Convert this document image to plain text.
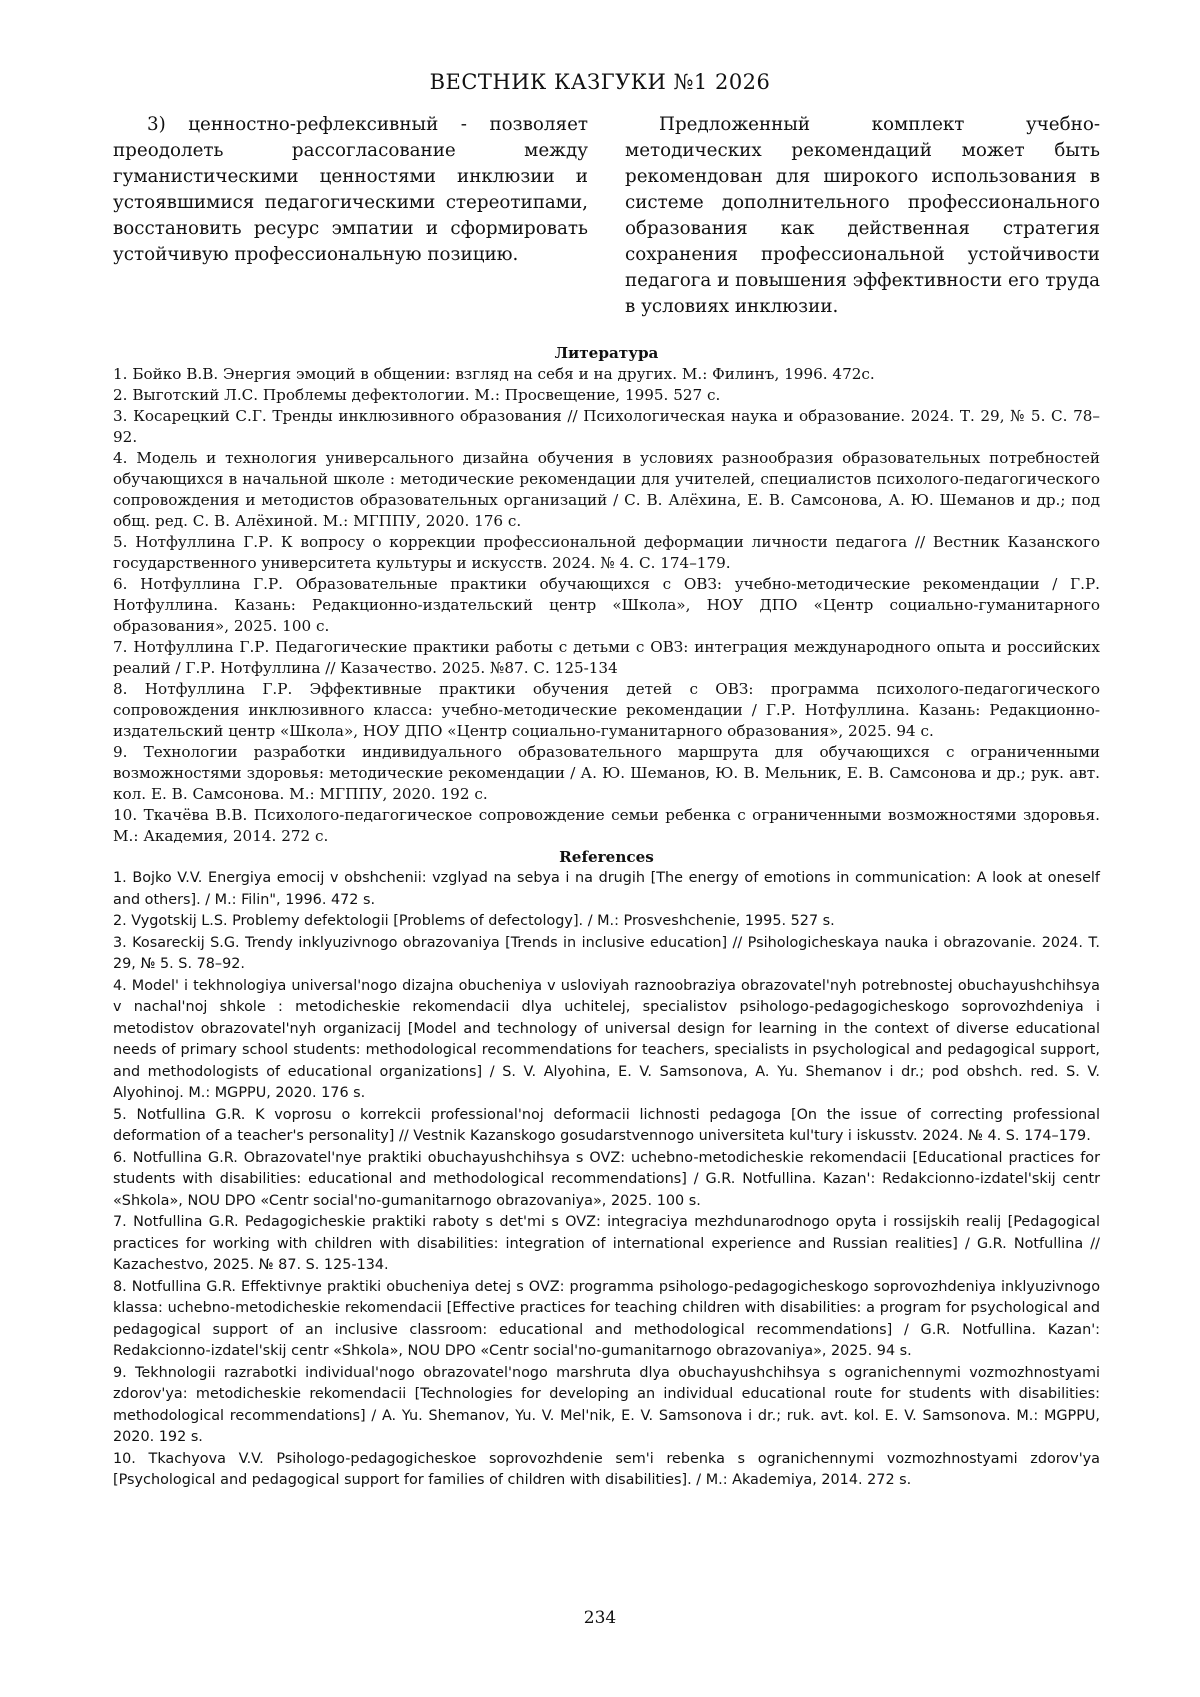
ВЕСТНИК КАЗГУКИ №1 2026
3) ценностно-рефлексивный - позволяет преодолеть рассогласование между гуманистическими ценностями инклюзии и устоявшимися педагогическими стереотипами, восстановить ресурс эмпатии и сформировать устойчивую профессиональную позицию.
Предложенный комплект учебно-методических рекомендаций может быть рекомендован для широкого использования в системе дополнительного профессионального образования как действенная стратегия сохранения профессиональной устойчивости педагога и повышения эффективности его труда в условиях инклюзии.

Литература

1. Бойко В.В. Энергия эмоций в общении: взгляд на себя и на других. М.: Филинъ, 1996. 472с.

2. Выготский Л.С. Проблемы дефектологии. М.: Просвещение, 1995. 527 с.

3. Косарецкий С.Г. Тренды инклюзивного образования // Психологическая наука и образование. 2024. Т. 29, № 5. С. 78–92.

4. Модель и технология универсального дизайна обучения в условиях разнообразия образовательных потребностей обучающихся в начальной школе : методические рекомендации для учителей, специалистов психолого-педагогического сопровождения и методистов образовательных организаций / С. В. Алёхина, Е. В. Самсонова, А. Ю. Шеманов и др.; под общ. ред. С. В. Алёхиной. М.: МГППУ, 2020. 176 с.

5. Нотфуллина Г.Р. К вопросу о коррекции профессиональной деформации личности педагога // Вестник Казанского государственного университета культуры и искусств. 2024. № 4. С. 174–179.

6. Нотфуллина Г.Р. Образовательные практики обучающихся с ОВЗ: учебно-методические рекомендации / Г.Р. Нотфуллина. Казань: Редакционно-издательский центр «Школа», НОУ ДПО «Центр социально-гуманитарного образования», 2025. 100 с.

7. Нотфуллина Г.Р. Педагогические практики работы с детьми с ОВЗ: интеграция международного опыта и российских реалий / Г.Р. Нотфуллина // Казачество. 2025. №87. С. 125-134

8. Нотфуллина Г.Р. Эффективные практики обучения детей с ОВЗ: программа психолого-педагогического сопровождения инклюзивного класса: учебно-методические рекомендации / Г.Р. Нотфуллина. Казань: Редакционно-издательский центр «Школа», НОУ ДПО «Центр социально-гуманитарного образования», 2025. 94 с.

9. Технологии разработки индивидуального образовательного маршрута для обучающихся с ограниченными возможностями здоровья: методические рекомендации / А. Ю. Шеманов, Ю. В. Мельник, Е. В. Самсонова и др.; рук. авт. кол. Е. В. Самсонова. М.: МГППУ, 2020. 192 с.

10. Ткачёва В.В. Психолого-педагогическое сопровождение семьи ребенка с ограниченными возможностями здоровья. М.: Академия, 2014. 272 с.

References

1. Bojko V.V. Energiya emocij v obshchenii: vzglyad na sebya i na drugih [The energy of emotions in communication: A look at oneself and others]. / M.: Filin", 1996. 472 s.

2. Vygotskij L.S. Problemy defektologii [Problems of defectology]. / M.: Prosveshchenie, 1995. 527 s.

3. Kosareckij S.G. Trendy inklyuzivnogo obrazovaniya [Trends in inclusive education] // Psihologicheskaya nauka i obrazovanie. 2024. T. 29, № 5. S. 78–92.

4. Model' i tekhnologiya universal'nogo dizajna obucheniya v usloviyah raznoobraziya obrazovatel'nyh potrebnostej obuchayushchihsya v nachal'noj shkole : metodicheskie rekomendacii dlya uchitelej, specialistov psihologo-pedagogicheskogo soprovozhdeniya i metodistov obrazovatel'nyh organizacij [Model and technology of universal design for learning in the context of diverse educational needs of primary school students: methodological recommendations for teachers, specialists in psychological and pedagogical support, and methodologists of educational organizations] / S. V. Alyohina, E. V. Samsonova, A. Yu. Shemanov i dr.; pod obshch. red. S. V. Alyohinoj. M.: MGPPU, 2020. 176 s.

5. Notfullina G.R. K voprosu o korrekcii professional'noj deformacii lichnosti pedagoga [On the issue of correcting professional deformation of a teacher's personality] // Vestnik Kazanskogo gosudarstvennogo universiteta kul'tury i iskusstv. 2024. № 4. S. 174–179.

6. Notfullina G.R. Obrazovatel'nye praktiki obuchayushchihsya s OVZ: uchebno-metodicheskie rekomendacii [Educational practices for students with disabilities: educational and methodological recommendations] / G.R. Notfullina. Kazan': Redakcionno-izdatel'skij centr «Shkola», NOU DPO «Centr social'no-gumanitarnogo obrazovaniya», 2025. 100 s.

7. Notfullina G.R. Pedagogicheskie praktiki raboty s det'mi s OVZ: integraciya mezhdunarodnogo opyta i rossijskih realij [Pedagogical practices for working with children with disabilities: integration of international experience and Russian realities] / G.R. Notfullina // Kazachestvo, 2025. № 87. S. 125-134.

8. Notfullina G.R. Effektivnye praktiki obucheniya detej s OVZ: programma psihologo-pedagogicheskogo soprovozhdeniya inklyuzivnogo klassa: uchebno-metodicheskie rekomendacii [Effective practices for teaching children with disabilities: a program for psychological and pedagogical support of an inclusive classroom: educational and methodological recommendations] / G.R. Notfullina. Kazan': Redakcionno-izdatel'skij centr «Shkola», NOU DPO «Centr social'no-gumanitarnogo obrazovaniya», 2025. 94 s.

9. Tekhnologii razrabotki individual'nogo obrazovatel'nogo marshruta dlya obuchayushchihsya s ogranichennymi vozmozhnostyami zdorov'ya: metodicheskie rekomendacii [Technologies for developing an individual educational route for students with disabilities: methodological recommendations] / A. Yu. Shemanov, Yu. V. Mel'nik, E. V. Samsonova i dr.; ruk. avt. kol. E. V. Samsonova. M.: MGPPU, 2020. 192 s.

10. Tkachyova V.V. Psihologo-pedagogicheskoe soprovozhdenie sem'i rebenka s ogranichennymi vozmozhnostyami zdorov'ya [Psychological and pedagogical support for families of children with disabilities]. / M.: Akademiya, 2014. 272 s.

234
